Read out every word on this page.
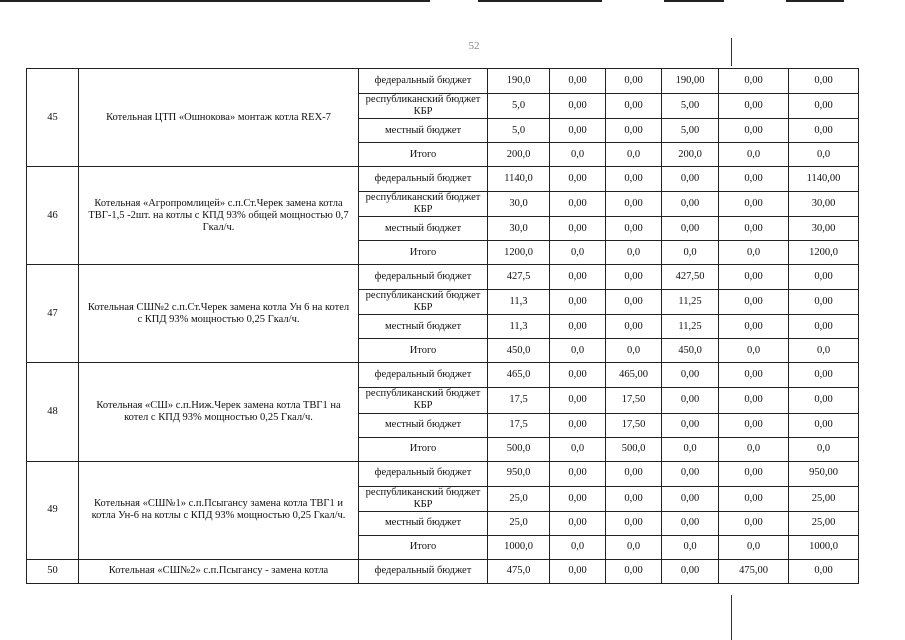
52
45	Котельная ЦТП «Ошнокова» монтаж котла REX-7	федеральный бюджет	190,0	0,00	0,00	190,00	0,00	0,00
		республиканский бюджет КБР	5,0	0,00	0,00	5,00	0,00	0,00
		местный бюджет	5,0	0,00	0,00	5,00	0,00	0,00
		Итого	200,0	0,0	0,0	200,0	0,0	0,0
46	Котельная «Агропромлицей» с.п.Ст.Черек замена котла ТВГ-1,5 -2шт. на котлы с КПД 93% общей мощностью 0,7 Гкал/ч.	федеральный бюджет	1140,0	0,00	0,00	0,00	0,00	1140,00
		республиканский бюджет КБР	30,0	0,00	0,00	0,00	0,00	30,00
		местный бюджет	30,0	0,00	0,00	0,00	0,00	30,00
		Итого	1200,0	0,0	0,0	0,0	0,0	1200,0
47	Котельная СШ№2 с.п.Ст.Черек замена котла Ун 6 на котел с КПД 93% мощностью 0,25 Гкал/ч.	федеральный бюджет	427,5	0,00	0,00	427,50	0,00	0,00
		республиканский бюджет КБР	11,3	0,00	0,00	11,25	0,00	0,00
		местный бюджет	11,3	0,00	0,00	11,25	0,00	0,00
		Итого	450,0	0,0	0,0	450,0	0,0	0,0
48	Котельная «СШ» с.п.Ниж.Черек замена котла ТВГ1 на котел с КПД 93% мощностью 0,25 Гкал/ч.	федеральный бюджет	465,0	0,00	465,00	0,00	0,00	0,00
		республиканский бюджет КБР	17,5	0,00	17,50	0,00	0,00	0,00
		местный бюджет	17,5	0,00	17,50	0,00	0,00	0,00
		Итого	500,0	0,0	500,0	0,0	0,0	0,0
49	Котельная «СШ№1» с.п.Псыгансу замена котла ТВГ1 и котла Ун-6 на котлы с КПД 93% мощностью 0,25 Гкал/ч.	федеральный бюджет	950,0	0,00	0,00	0,00	0,00	950,00
		республиканский бюджет КБР	25,0	0,00	0,00	0,00	0,00	25,00
		местный бюджет	25,0	0,00	0,00	0,00	0,00	25,00
		Итого	1000,0	0,0	0,0	0,0	0,0	1000,0
50	Котельная «СШ№2» с.п.Псыгансу - замена котла	федеральный бюджет	475,0	0,00	0,00	0,00	475,00	0,00
